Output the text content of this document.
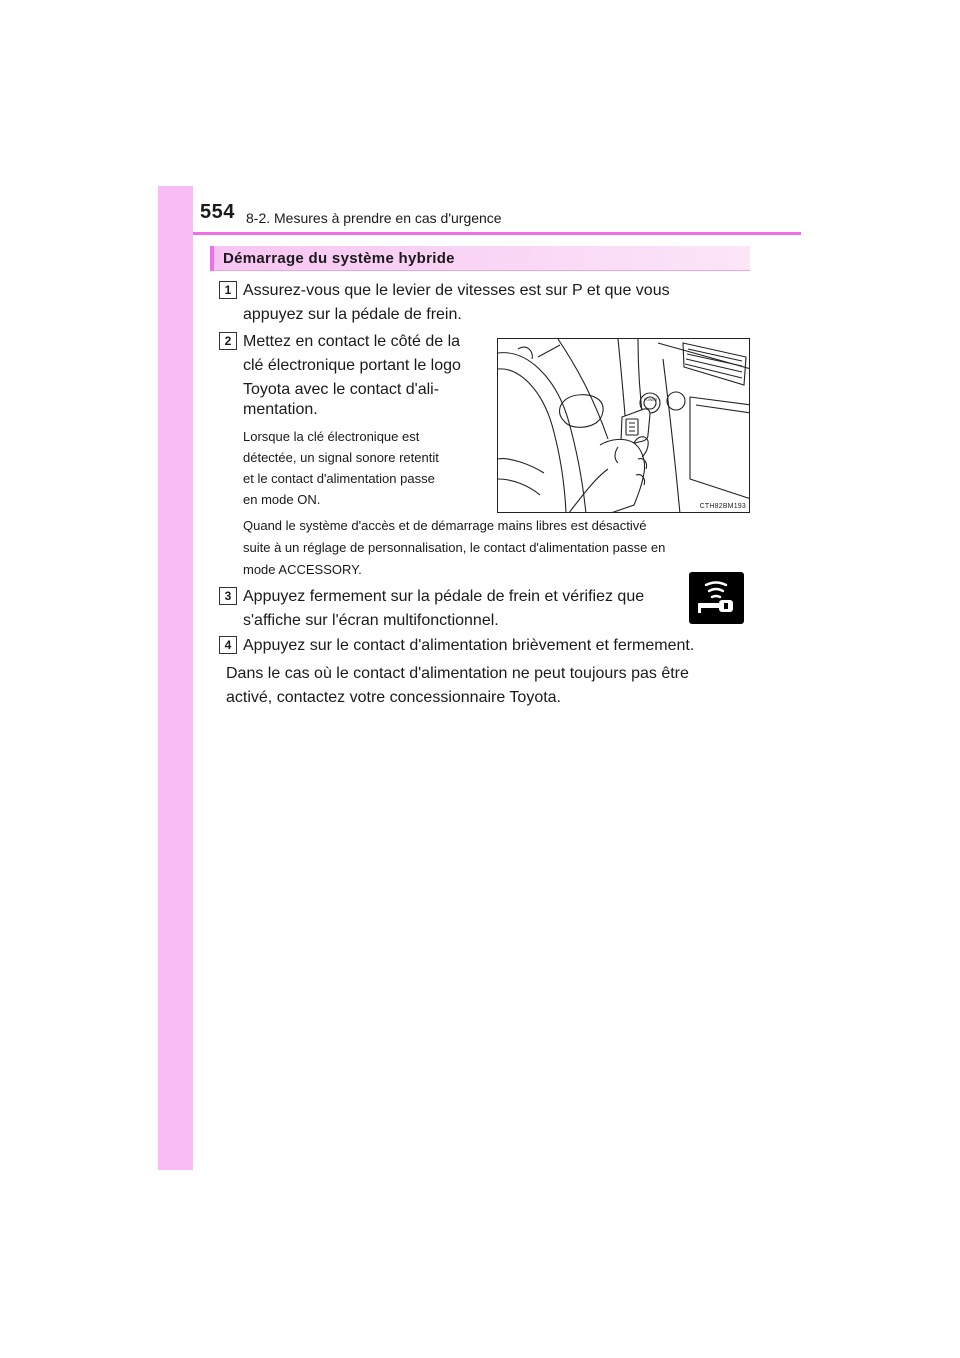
554 8-2. Mesures à prendre en cas d'urgence
Démarrage du système hybride
1 Assurez-vous que le levier de vitesses est sur P et que vous
appuyez sur la pédale de frein.
2 Mettez en contact le côté de la
clé électronique portant le logo
Toyota avec le contact d'ali-
mentation.
Lorsque la clé électronique est
détectée, un signal sonore retentit
et le contact d'alimentation passe
en mode ON.
POWER
CTH82BM193
Quand le système d'accès et de démarrage mains libres est désactivé
suite à un réglage de personnalisation, le contact d'alimentation passe en
mode ACCESSORY.
3 Appuyez fermement sur la pédale de frein et vérifiez que
s'affiche sur l'écran multifonctionnel.
4 Appuyez sur le contact d'alimentation brièvement et fermement.
Dans le cas où le contact d'alimentation ne peut toujours pas être
activé, contactez votre concessionnaire Toyota.
